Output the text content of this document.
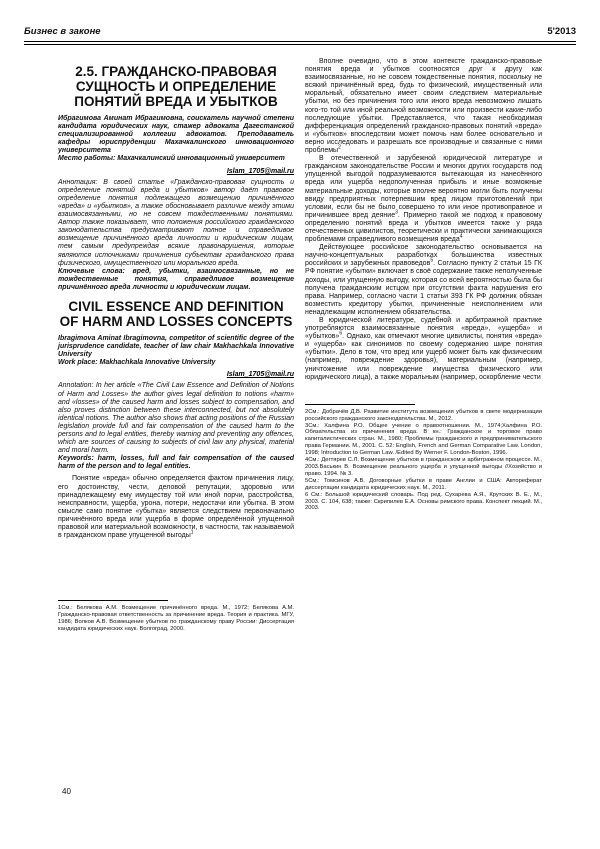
Бизнес в законе	5'2013
2.5. ГРАЖДАНСКО-ПРАВОВАЯ СУЩНОСТЬ И ОПРЕДЕЛЕНИЕ ПОНЯТИЙ ВРЕДА И УБЫТКОВ

Ибрагимова Аминат Ибрагимовна, соискатель научной степени кандидата юридических наук, стажер адвоката Дагестанской специализированной коллегии адвокатов. Преподаватель кафедры юриспруденции Махачкалинского инновационного университета

Место работы: Махачкалинский инновационный университет

Islam_1705@mail.ru

Аннотация: В своей статье «Гражданско-правовая сущность и определение понятий вреда и убытков» автор даёт правовое определение понятия подлежащего возмещению причинённого «вреда» и «убытков», а также обосновывает различие между этими взаимосвязанными, но не совсем тождественными понятиями. Автор также показывает, что положения российского гражданского законодательства предусматривают полное и справедливое возмещение причинённого вреда личности и юридическим лицам, тем самым предупреждая всякие правонарушения, которые являются источниками причинения субъектам гражданского права физического, имущественного или морального вреда.

Ключевые слова: вред, убытки, взаимосвязанные, но не тождественные понятия, справедливое возмещение причинённого вреда личности и юридическим лицам.

CIVIL ESSENCE AND DEFINITION OF HARM AND LOSSES CONCEPTS

Ibragimova Aminat Ibragimovna, competitor of scientific degree of the jurisprudence candidate, teacher of law chair Makhachkala Innovative University

Work place: Makhachkala Innovative University

Islam_1705@mail.ru

Annotation: In her article «The Civil Law Essence and Definition of Notions of Harm and Losses» the author gives legal definition to notions «harm» and «losses» of the caused harm and losses subject to compensation, and also proves distinction between these interconnected, but not absolutely identical notions. The author also shows that acting positions of the Russian legislation provide full and fair compensation of the caused harm to the persons and to legal entities, thereby warning and preventing any offences, which are sources of causing to subjects of civil law any physical, material and moral harm.

Keywords: harm, losses, full and fair compensation of the caused harm of the person and to legal entities.

Понятие «вреда» обычно определяется фактом причинения лицу, его достоинству, чести, деловой репутации, здоровью или принадлежащему ему имуществу той или иной порчи, расстройства, неисправности, ущерба, урона, потери, недостачи или убытка. В этом смысле само понятие «убытка» является следствием первоначально причинённого вреда или ущерба в форме определённой упущенной правовой или материальной возможности, в частности, так называемой в гражданском праве упущенной выгоды$^1$

1См.: Белякова А.М. Возмещение причинённого вреда. М., 1972; Белякова А.М. Гражданско-правовая ответственность за причинение вреда. Теория и практика. МГУ, 1986; Волков А.В. Возмещение убытков по гражданскому праву России: Диссертация кандидата юридических наук. Волгоград, 2000.

Вполне очевидно, что в этом контексте гражданско-правовые понятия вреда и убытков соотносятся друг к другу как взаимосвязанные, но не совсем тождественные понятия, поскольку не всякий причинённый вред, будь то физический, имущественный или моральный, обязательно имеет своим следствием материальные убытки, но без причинения того или иного вреда невозможно лишать кого-то той или иной реальной возможности или произвести какие-либо последующие убытки. Представляется, что такая необходимая дифференциация определений гражданско-правовых понятий «вреда» и «убытков» впоследствии может помочь нам более основательно и верно исследовать и разрешать все производные и связанные с ними проблемы$^2$

В отечественной и зарубежной юридической литературе и гражданском законодательстве России и многих других государств под упущенной выгодой подразумеваются вытекающая из нанесённого вреда или ущерба недополученная прибыль и иные возможные материальные доходы, которые вполне вероятно могли быть получены ввиду предприятных потерпевшим вред лицом приготовлений при условии, если бы не было совершено то или иное противоправное и причинившее вред деяние$^3$. Примерно такой же подход к правовому определению понятий вреда и убытков имеется также у ряда отечественных цивилистов, теоретически и практически занимающихся проблемами справедливого возмещения вреда$^4$

Действующее российское законодательство основывается на научно-концептуальных разработках большинства известных российских и зарубежных правоведов$^5$. Согласно пункту 2 статьи 15 ГК РФ понятие «убытки» включает в своё содержание также неполученные доходы, или упущенную выгоду, которая со всей вероятностью была бы получена гражданским истцом при отсутствии факта нарушения его права. Например, согласно части 1 статьи 393 ГК РФ должник обязан возместить кредитору убытки, причиненные неисполнением или ненадлежащим исполнением обязательства.

В юридической литературе, судебной и арбитражной практике употребляются взаимосвязанные понятия «вреда», «ущерба» и «убытков»$^6$. Однако, как отмечают многие цивилисты, понятия «вреда» и «ущерба» как синонимов по своему содержанию шире понятия «убытки». Дело в том, что вред или ущерб может быть как физическим (например, повреждение здоровья), материальным (например, уничтожение или повреждение имущества физического или юридического лица), а также моральным (например, оскорбление чести

2См.: Добрачёв Д.В. Развитие института возмещения убытков в свете модернизации российского гражданского законодательства. М., 2012.

3См.: Халфина Р.О. Общее учение о правоотношении. М., 1974;Халфина Р.О. Обязательства из причинения вреда. В кн.: Гражданское и торговое право капиталистических стран. М., 1980; Проблемы гражданского и предпринимательского права Германии. М., 2001. С. 52: English, French and German Comparative Law. London, 1998; Introduction to German Law. /Edited By Werner F. London-Boston, 1996.

4См.: Дегтярев С.Л. Возмещение убытков в гражданском и арбитражном процессе. М., 2003.Васькин В. Возмещение реального ущерба и упущенной выгоды //Хозяйство и право. 1994. № 3.

5См.: Томсинов А.В. Договорные убытки в праве Англии и США: Автореферат диссертации кандидата юридических наук. М., 2011.

6 См.: Большой юридический словарь. Под ред. Сухарева А.Я., Крутских В. Е., М., 2003. С. 104, 638; также: Скрипилев Е.А. Основы римского права. Конспект лекций. М., 2003.

40
